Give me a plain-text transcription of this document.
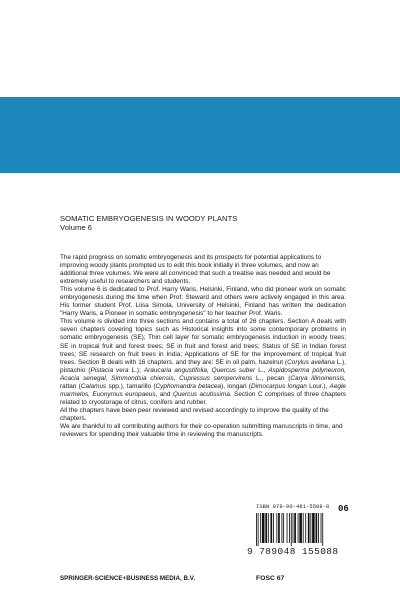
SOMATIC EMBRYOGENESIS IN WOODY PLANTS
Volume 6

The rapid progress on somatic embryogenesis and its prospects for potential applications to improving woody plants prompted us to edit this book initially in three volumes, and now an additional three volumes. We were all convinced that such a treatise was needed and would be extremely useful to researchers and students.

This volume 6 is dedicated to Prof. Harry Waris, Helsinki, Finland, who did pioneer work on somatic embryogenesis during the time when Prof. Steward and others were actively engaged in this area. His former student Prof. Liisa Simola, University of Helsinki, Finland has written the dedication "Harry Waris, a Pioneer in somatic embryogenesis" to her teacher Prof. Waris.

This volume is divided into three sections and contains a total of 26 chapters. Section A deals with seven chapters covering topics such as Historical insights into some contemporary problems in somatic embryogenesis (SE); Thin cell layer for somatic embryogenesis induction in woody trees; SE in tropical fruit and forest trees; SE in fruit and forest arid trees; Status of SE in Indian forest trees; SE research on fruit trees in India; Applications of SE for the improvement of tropical fruit trees. Section B deals with 16 chapters, and they are: SE in oil palm, hazelnut (Corylus avellana L.), pistachio (Pistacia vera L.); Araucaria angustifolia, Quercus suber L., Aspidosperma polyneuron, Acacia senegal, Simmondsia chiensis, Cupressus sempervirens L., pecan (Carya illinoinensis, rattan (Calamus spp.), tamarillo (Cyphomandra betacea), longan (Dimocarpus longan Lour.), Aegle marmelos, Euonymus europaeus, and Quercus acutissima. Section C comprises of three chapters related to cryostorage of citrus, conifers and rubber.

All the chapters have been peer reviewed and revised accordingly to improve the quality of the chapters.

We are thankful to all contributing authors for their co-operation submitting manuscripts in time, and reviewers for spending their valuable time in reviewing the manuscripts.

ISBN 978-90-481-5508-8 06
9 789048 155088
SPRINGER-SCIENCE+BUSINESS MEDIA, B.V.	FOSC 67
